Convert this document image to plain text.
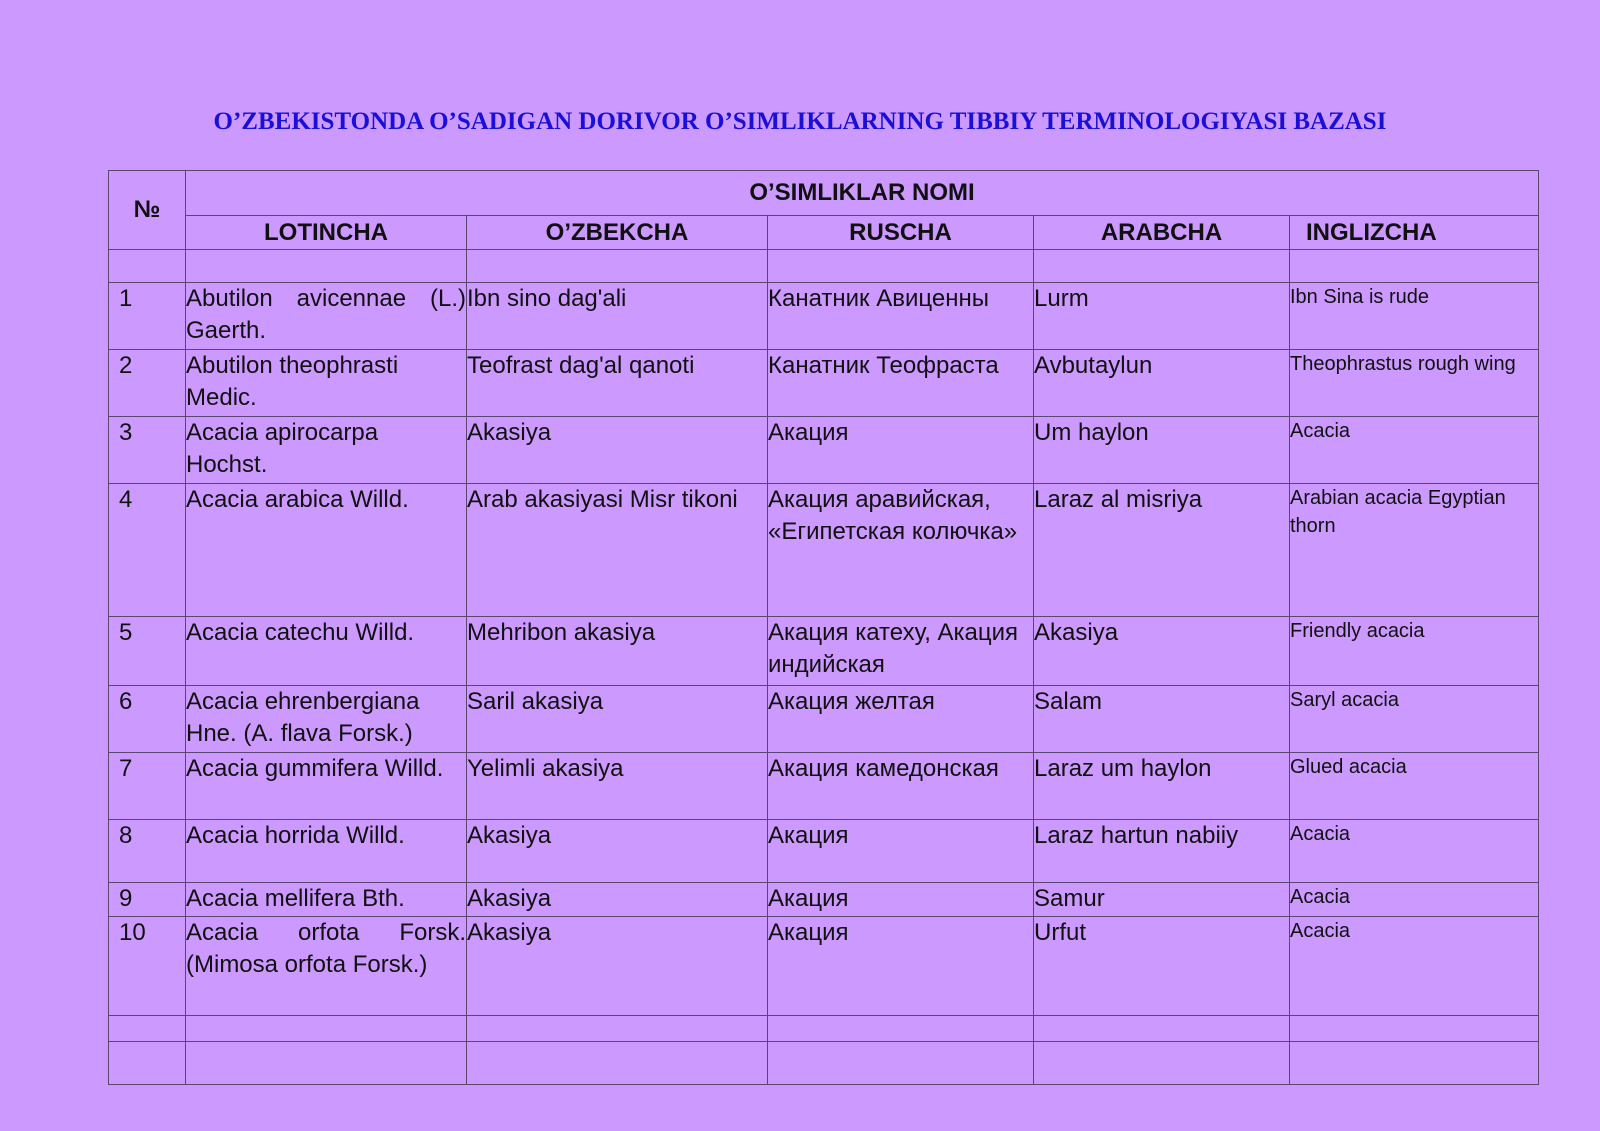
O’ZBEKISTONDA O’SADIGAN DORIVOR O’SIMLIKLARNING TIBBIY TERMINOLOGIYASI BAZASI
№	O’SIMLIKLAR NOMI				
	LOTINCHA	O’ZBEKCHA	RUSCHA	ARABCHA	INGLIZCHA

1	Abutilon avicennae (L.) Gaerth.	Ibn sino dag'ali	Канатник Авиценны	Lurm	Ibn Sina is rude
2	Abutilon theophrasti Medic.	Teofrast dag'al qanoti	Канатник Теофраста	Avbutaylun	Theophrastus rough wing
3	Acacia apirocarpa Hochst.	Akasiya	Акация	Um haylon	Acacia
4	Acacia arabica Willd.	Arab akasiyasi Misr tikoni	Акация аравийская, «Египетская колючка»	Laraz al misriya	Arabian acacia Egyptian thorn
5	Acacia catechu Willd.	Mehribon akasiya	Акация катеху, Акация индийская	Akasiya	Friendly acacia
6	Acacia ehrenbergiana Hne. (A. flava Forsk.)	Saril akasiya	Акация желтая	Salam	Saryl acacia
7	Acacia gummifera Willd.	Yelimli akasiya	Акация камедонская	Laraz um haylon	Glued acacia
8	Acacia horrida Willd.	Akasiya	Акация	Laraz hartun nabiiy	Acacia
9	Acacia mellifera Bth.	Akasiya	Акация	Samur	Acacia
10	Acacia orfota Forsk. (Mimosa orfota Forsk.)	Akasiya	Акация	Urfut	Acacia
